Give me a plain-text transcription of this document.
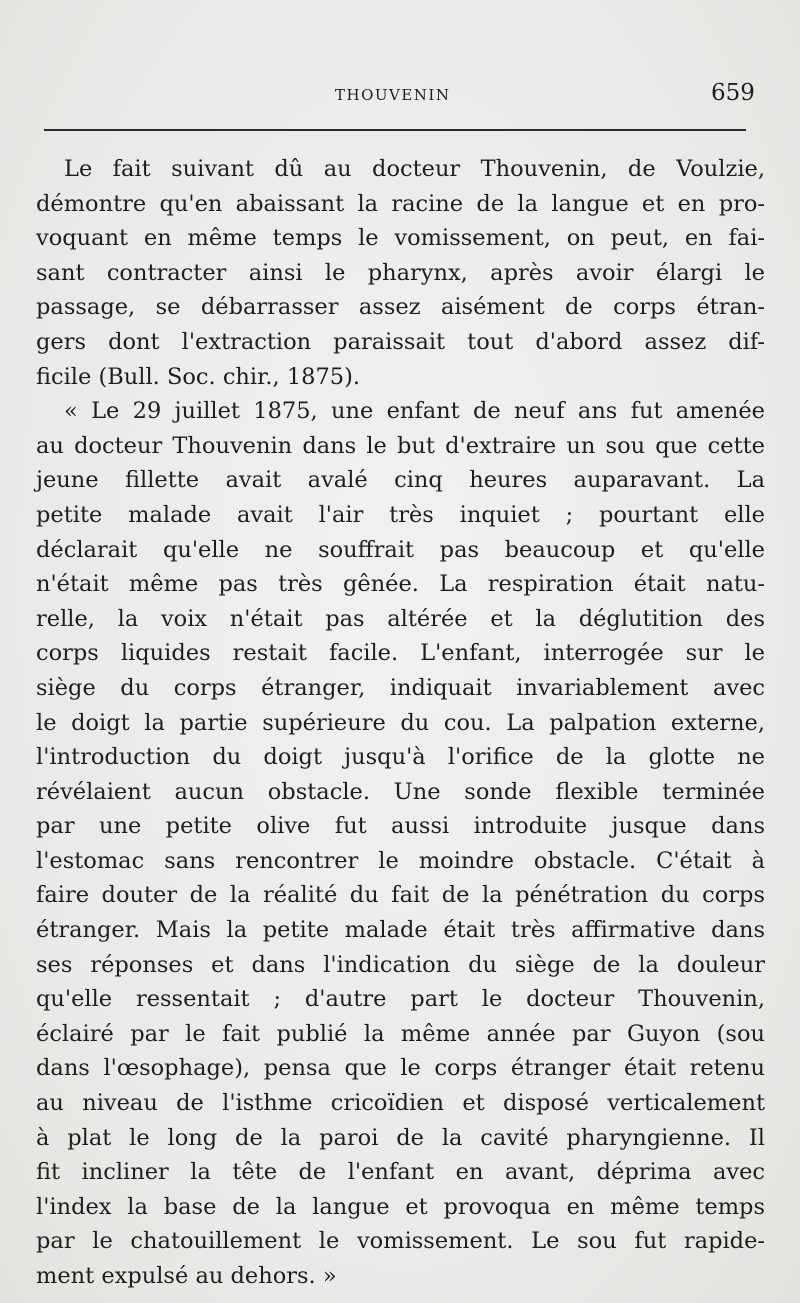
THOUVENIN	659
Le fait suivant dû au docteur Thouvenin, de Voulzie,
démontre qu'en abaissant la racine de la langue et en pro-
voquant en même temps le vomissement, on peut, en fai-
sant contracter ainsi le pharynx, après avoir élargi le
passage, se débarrasser assez aisément de corps étran-
gers dont l'extraction paraissait tout d'abord assez dif-
ficile (Bull. Soc. chir., 1875).
« Le 29 juillet 1875, une enfant de neuf ans fut amenée
au docteur Thouvenin dans le but d'extraire un sou que cette
jeune fillette avait avalé cinq heures auparavant. La
petite malade avait l'air très inquiet ; pourtant elle
déclarait qu'elle ne souffrait pas beaucoup et qu'elle
n'était même pas très gênée. La respiration était natu-
relle, la voix n'était pas altérée et la déglutition des
corps liquides restait facile. L'enfant, interrogée sur le
siège du corps étranger, indiquait invariablement avec
le doigt la partie supérieure du cou. La palpation externe,
l'introduction du doigt jusqu'à l'orifice de la glotte ne
révélaient aucun obstacle. Une sonde flexible terminée
par une petite olive fut aussi introduite jusque dans
l'estomac sans rencontrer le moindre obstacle. C'était à
faire douter de la réalité du fait de la pénétration du corps
étranger. Mais la petite malade était très affirmative dans
ses réponses et dans l'indication du siège de la douleur
qu'elle ressentait ; d'autre part le docteur Thouvenin,
éclairé par le fait publié la même année par Guyon (sou
dans l'œsophage), pensa que le corps étranger était retenu
au niveau de l'isthme cricoïdien et disposé verticalement
à plat le long de la paroi de la cavité pharyngienne. Il
fit incliner la tête de l'enfant en avant, déprima avec
l'index la base de la langue et provoqua en même temps
par le chatouillement le vomissement. Le sou fut rapide-
ment expulsé au dehors. »
